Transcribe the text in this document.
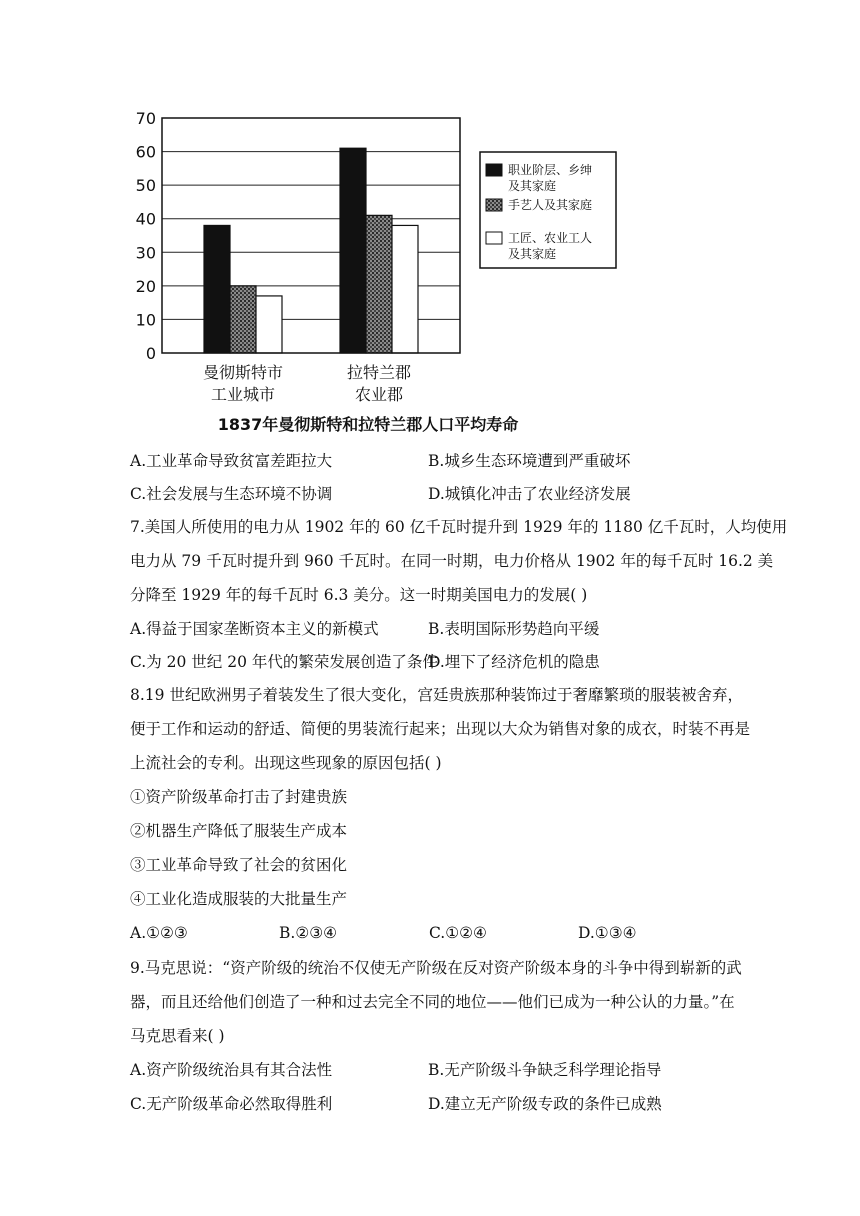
0
10
20
30
40
50
60
70
曼彻斯特市
工业城市
拉特兰郡
农业郡
职业阶层、乡绅
及其家庭
手艺人及其家庭
工匠、农业工人
及其家庭
1837年曼彻斯特和拉特兰郡人口平均寿命
A.工业革命导致贫富差距拉大	B.城乡生态环境遭到严重破坏
C.社会发展与生态环境不协调	D.城镇化冲击了农业经济发展
7.美国人所使用的电力从 1902 年的 60 亿千瓦时提升到 1929 年的 1180 亿千瓦时，人均使用
电力从 79 千瓦时提升到 960 千瓦时。在同一时期，电力价格从 1902 年的每千瓦时 16.2 美
分降至 1929 年的每千瓦时 6.3 美分。这一时期美国电力的发展( )
A.得益于国家垄断资本主义的新模式	B.表明国际形势趋向平缓
C.为 20 世纪 20 年代的繁荣发展创造了条件
D.埋下了经济危机的隐患
8.19 世纪欧洲男子着装发生了很大变化，宫廷贵族那种装饰过于奢靡繁琐的服装被舍弃，
便于工作和运动的舒适、简便的男装流行起来；出现以大众为销售对象的成衣，时装不再是
上流社会的专利。出现这些现象的原因包括( )
①资产阶级革命打击了封建贵族
②机器生产降低了服装生产成本
③工业革命导致了社会的贫困化
④工业化造成服装的大批量生产
A.①②③	B.②③④	C.①②④	D.①③④
9.马克思说：“资产阶级的统治不仅使无产阶级在反对资产阶级本身的斗争中得到崭新的武
器，而且还给他们创造了一种和过去完全不同的地位——他们已成为一种公认的力量。”在
马克思看来( )
A.资产阶级统治具有其合法性	B.无产阶级斗争缺乏科学理论指导
C.无产阶级革命必然取得胜利	D.建立无产阶级专政的条件已成熟
